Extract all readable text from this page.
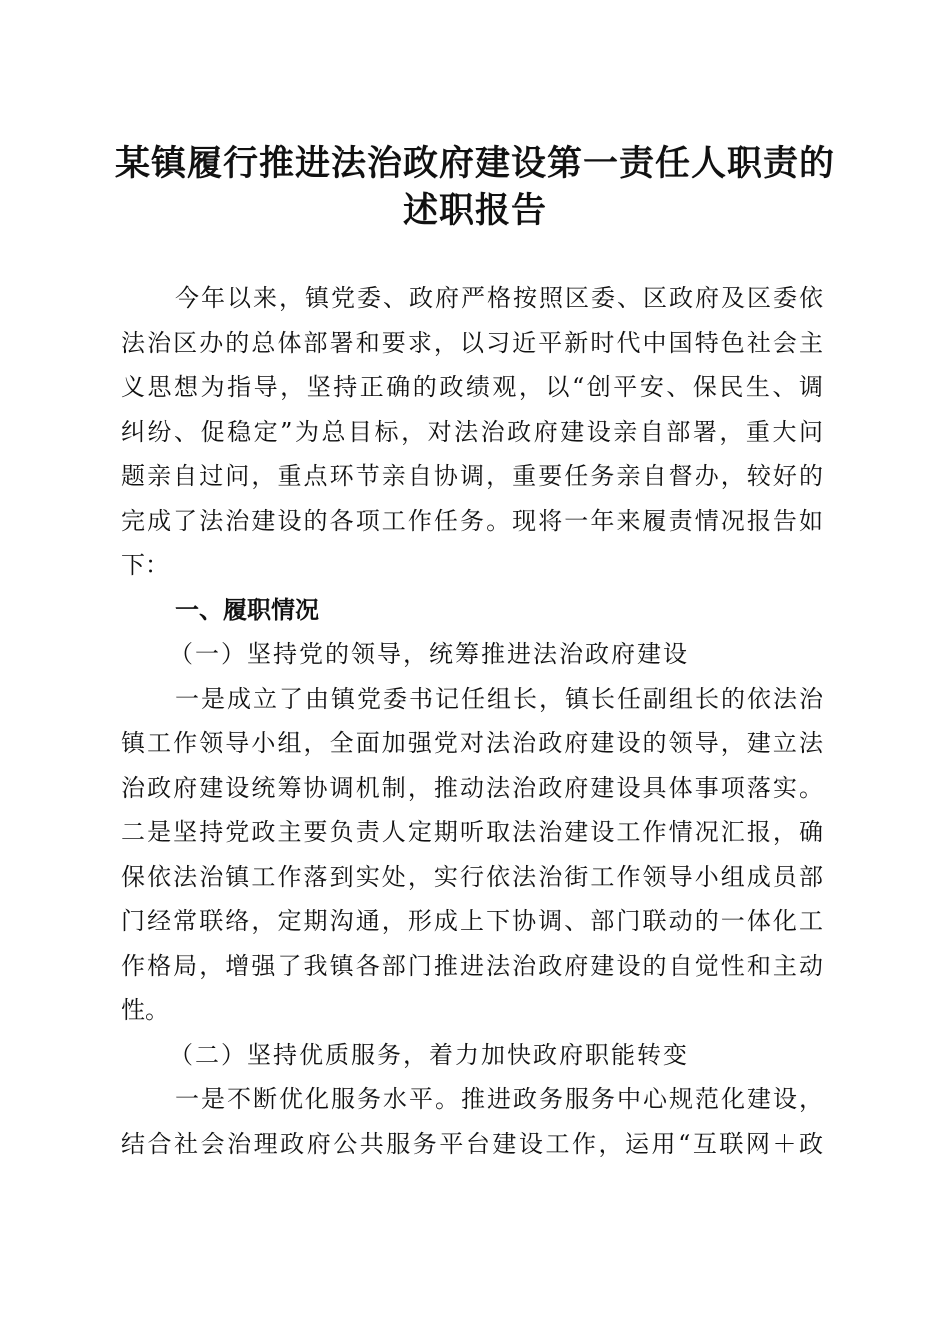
某镇履行推进法治政府建设第一责任人职责的
述职报告
今年以来，镇党委、政府严格按照区委、区政府及区委依
法治区办的总体部署和要求，以习近平新时代中国特色社会主
义思想为指导，坚持正确的政绩观，以“创平安、保民生、调
纠纷、促稳定”为总目标，对法治政府建设亲自部署，重大问
题亲自过问，重点环节亲自协调，重要任务亲自督办，较好的
完成了法治建设的各项工作任务。现将一年来履责情况报告如
下：
一、履职情况
（一）坚持党的领导，统筹推进法治政府建设
一是成立了由镇党委书记任组长，镇长任副组长的依法治
镇工作领导小组，全面加强党对法治政府建设的领导，建立法
治政府建设统筹协调机制，推动法治政府建设具体事项落实。
二是坚持党政主要负责人定期听取法治建设工作情况汇报，确
保依法治镇工作落到实处，实行依法治街工作领导小组成员部
门经常联络，定期沟通，形成上下协调、部门联动的一体化工
作格局，增强了我镇各部门推进法治政府建设的自觉性和主动
性。
（二）坚持优质服务，着力加快政府职能转变
一是不断优化服务水平。推进政务服务中心规范化建设，
结合社会治理政府公共服务平台建设工作，运用“互联网＋政
